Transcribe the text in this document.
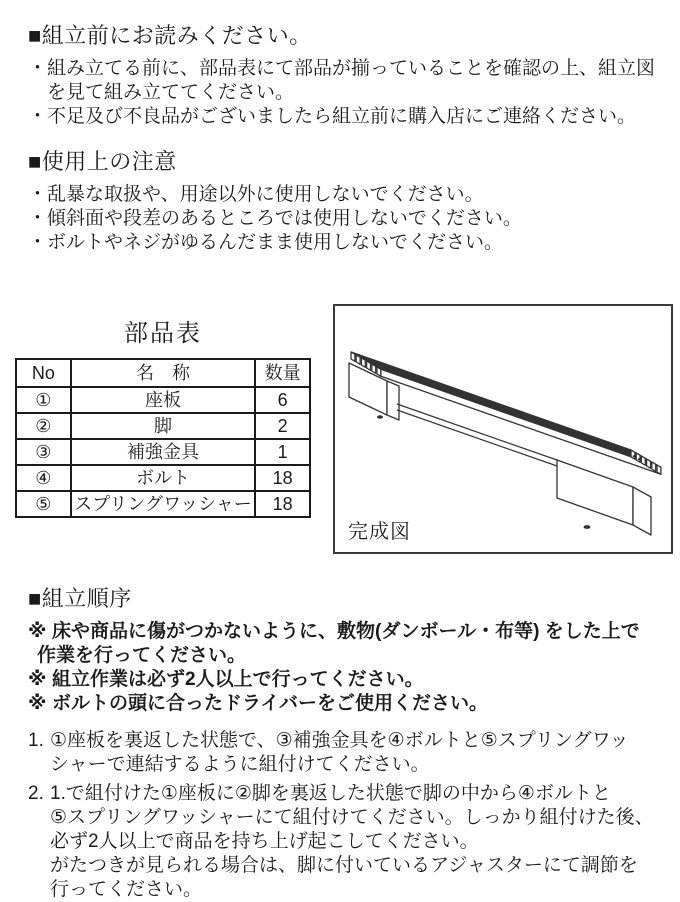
■組立前にお読みください。
・ 組み立てる前に、部品表にて部品が揃っていることを確認の上、組立図
を見て組み立ててください。
・ 不足及び不良品がございましたら組立前に購入店にご連絡ください。
■使用上の注意
・ 乱暴な取扱や、用途以外に使用しないでください。
・ 傾斜面や段差のあるところでは使用しないでください。
・ ボルトやネジがゆるんだまま使用しないでください。
部品表
No	名　称	数量
①	座板	6
②	脚	2
③	補強金具	1
④	ボルト	18
⑤	スプリングワッシャー	18
完成図
■組立順序
※ 床や商品に傷がつかないように、敷物(ダンボール・布等) をした上で
作業を行ってください。
※ 組立作業は必ず2人以上で行ってください。
※ ボルトの頭に合ったドライバーをご使用ください。
1. ①座板を裏返した状態で、③補強金具を④ボルトと⑤スプリングワッ
シャーで連結するように組付けてください。
2. 1.で組付けた①座板に②脚を裏返した状態で脚の中から④ボルトと
⑤スプリングワッシャーにて組付けてください。しっかり組付けた後、
必ず2人以上で商品を持ち上げ起こしてください。
がたつきが見られる場合は、脚に付いているアジャスターにて調節を
行ってください。
